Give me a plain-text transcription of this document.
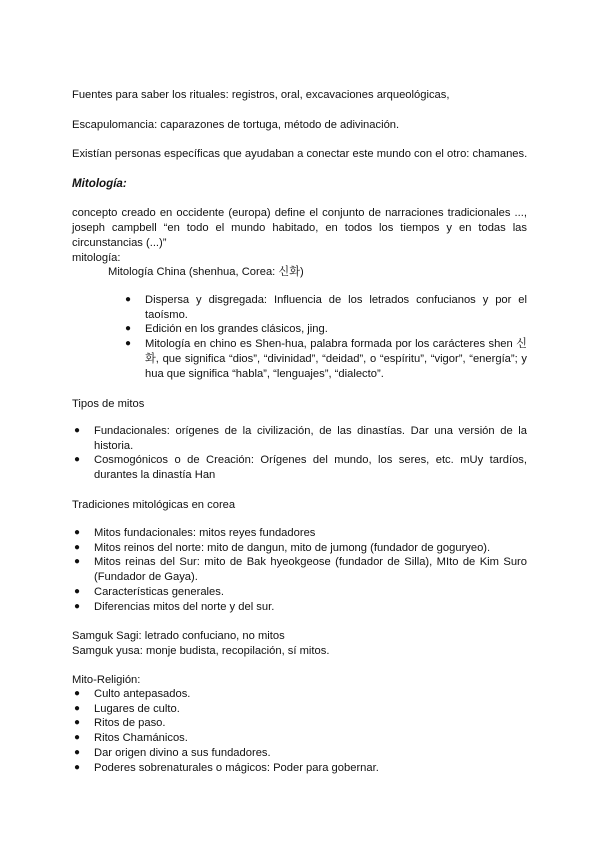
Fuentes para saber los rituales: registros, oral, excavaciones arqueológicas,
Escapulomancia: caparazones de tortuga, método de adivinación.
Existían personas específicas que ayudaban a conectar este mundo con el otro: chamanes.
Mitología:
concepto creado en occidente (europa) define el conjunto de narraciones tradicionales ..., joseph campbell “en todo el mundo habitado, en todos los tiempos y en todas las circunstancias (...)”
mitología:
Mitología China (shenhua, Corea: 신화)
● Dispersa y disgregada: Influencia de los letrados confucianos y por el taoísmo.
● Edición en los grandes clásicos, jing.
● Mitología en chino es Shen-hua, palabra formada por los carácteres shen 신화, que significa “dios”, “divinidad”, “deidad”, o “espíritu”, “vigor”, “energía”; y hua que significa “habla”, “lenguajes”, “dialecto”.
Tipos de mitos
● Fundacionales: orígenes de la civilización, de las dinastías. Dar una versión de la historia.
● Cosmogónicos o de Creación: Orígenes del mundo, los seres, etc. mUy tardíos, durantes la dinastía Han
Tradiciones mitológicas en corea
● Mitos fundacionales: mitos reyes fundadores
● Mitos reinos del norte: mito de dangun, mito de jumong (fundador de goguryeo).
● Mitos reinas del Sur: mito de Bak hyeokgeose (fundador de Silla), MIto de Kim Suro (Fundador de Gaya).
● Características generales.
● Diferencias mitos del norte y del sur.
Samguk Sagi: letrado confuciano, no mitos
Samguk yusa: monje budista, recopilación, sí mitos.
Mito-Religión:
● Culto antepasados.
● Lugares de culto.
● Ritos de paso.
● Ritos Chamánicos.
● Dar origen divino a sus fundadores.
● Poderes sobrenaturales o mágicos: Poder para gobernar.
